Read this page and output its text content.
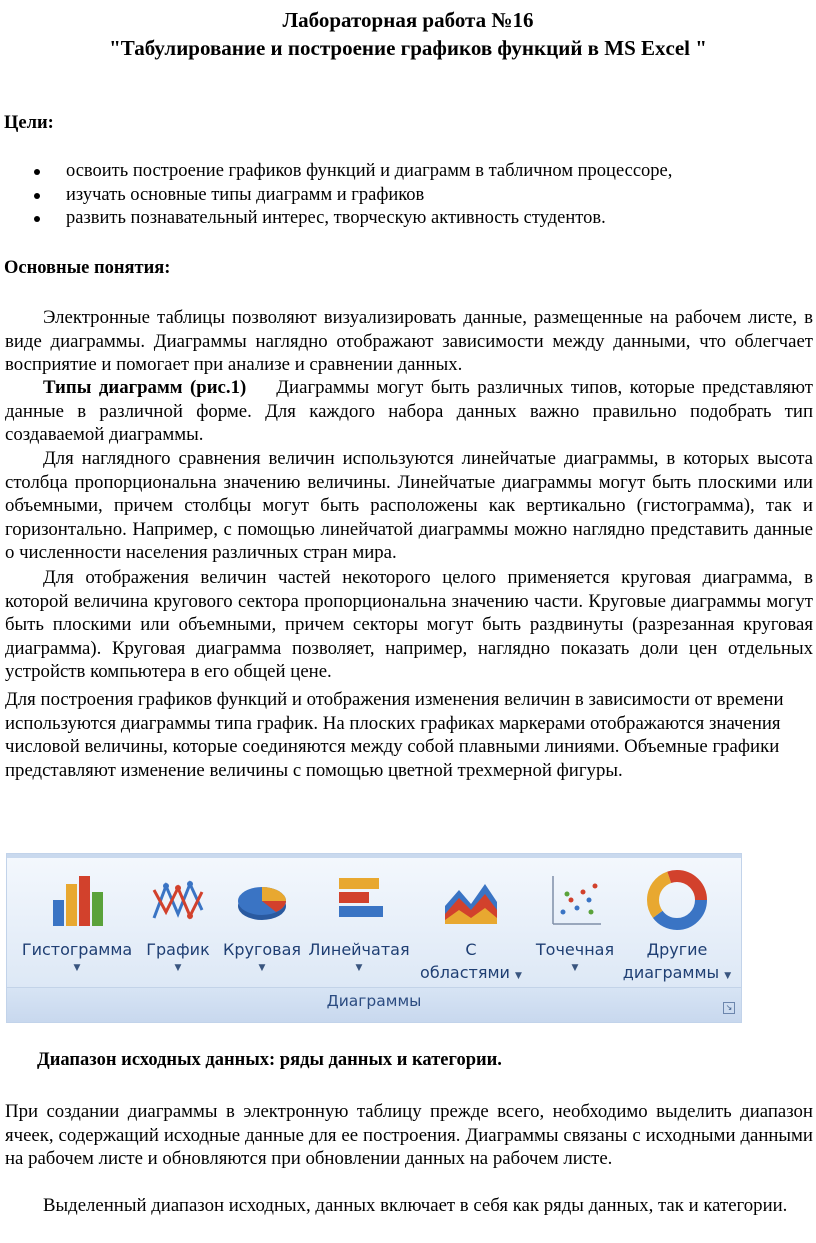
Лабораторная работа №16
"Табулирование и построение графиков функций в MS Excel "
Цели:
освоить построение графиков функций и диаграмм в табличном процессоре,
изучать основные типы диаграмм и графиков
развить познавательный интерес, творческую активность студентов.
Основные понятия:

Электронные таблицы позволяют визуализировать данные, размещенные на рабочем листе, в виде диаграммы. Диаграммы наглядно отображают зависимости между данными, что облегчает восприятие и помогает при анализе и сравнении данных.

Типы диаграмм (рис.1) Диаграммы могут быть различных типов, которые представляют данные в различной форме. Для каждого набора данных важно правильно подобрать тип создаваемой диаграммы.

Для наглядного сравнения величин используются линейчатые диаграммы, в которых высота столбца пропорциональна значению величины. Линейчатые диаграммы могут быть плоскими или объемными, причем столбцы могут быть расположены как вертикально (гистограмма), так и горизонтально. Например, с помощью линейчатой диаграммы можно наглядно представить данные о численности населения различных стран мира.

Для отображения величин частей некоторого целого применяется круговая диаграмма, в которой величина кругового сектора пропорциональна значению части. Круговые диаграммы могут быть плоскими или объемными, причем секторы могут быть раздвинуты (разрезанная круговая диаграмма). Круговая диаграмма позволяет, например, наглядно показать доли цен отдельных устройств компьютера в его общей цене.

Для построения графиков функций и отображения изменения величин в зависимости от времени используются диаграммы типа график. На плоских графиках маркерами отображаются значения числовой величины, которые соединяются между собой плавными линиями. Объемные графики представляют изменение величины с помощью цветной трехмерной фигуры.

Гистограмма
▼
График
▼
Круговая
▼
Линейчатая
▼
С
областями ▼
Точечная
▼
Другие
диаграммы ▼
Диаграммы	↘
Диапазон исходных данных: ряды данных и категории.

При создании диаграммы в электронную таблицу прежде всего, необходимо выделить диапазон ячеек, содержащий исходные данные для ее построения. Диаграммы связаны с исходными данными на рабочем листе и обновляются при обновлении данных на рабочем листе.

Выделенный диапазон исходных, данных включает в себя как ряды данных, так и категории.
